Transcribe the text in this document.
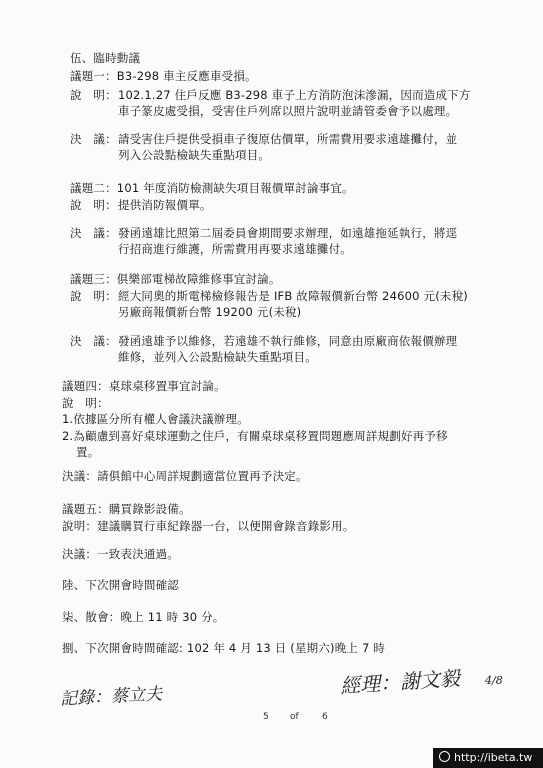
伍、臨時動議
議題一：B3-298 車主反應車受損。
說　明： 102.1.27 住戶反應 B3-298 車子上方消防泡沫滲漏，因而造成下方
車子篆皮處受損，受害住戶列席以照片說明並請管委會予以處理。
決　議： 請受害住戶提供受損車子復原估價單，所需費用要求遠雄攤付，並
列入公設點檢缺失重點項目。
議題二：101 年度消防檢測缺失項目報價單討論事宜。
說　明： 提供消防報價單。
決　議： 發函遠雄比照第二屆委員會期間要求辦理，如遠雄拖延執行，將逕
行招商進行維護，所需費用再要求遠雄攤付。
議題三：俱樂部電梯故障維修事宜討論。
說　明： 經大同奧的斯電梯檢修報告是 IFB 故障報價新台幣 24600 元(未稅)
另廠商報價新台幣 19200 元(未稅)
決　議： 發函遠雄予以維修，若遠雄不執行維修，同意由原廠商依報價辦理
維修，並列入公設點檢缺失重點項目。
議題四：桌球桌移置事宜討論。
說　明：
1.依據區分所有權人會議決議辦理。
2.為顧慮到喜好桌球運動之住戶，有關桌球桌移置問題應周詳規劃好再予移
置。
決議：請俱館中心周詳規劃適當位置再予決定。
議題五：購買錄影設備。
說明：建議購買行車紀錄器一台，以便開會錄音錄影用。
決議：一致表決通過。
陸、下次開會時間確認
柒、散會：晚上 11 時 30 分。
捌、下次開會時間確認: 102 年 4 月 13 日 (星期六)晚上 7 時
記錄：蔡立夫	經理：謝文毅 4/8
5 of	6
http://ibeta.tw
